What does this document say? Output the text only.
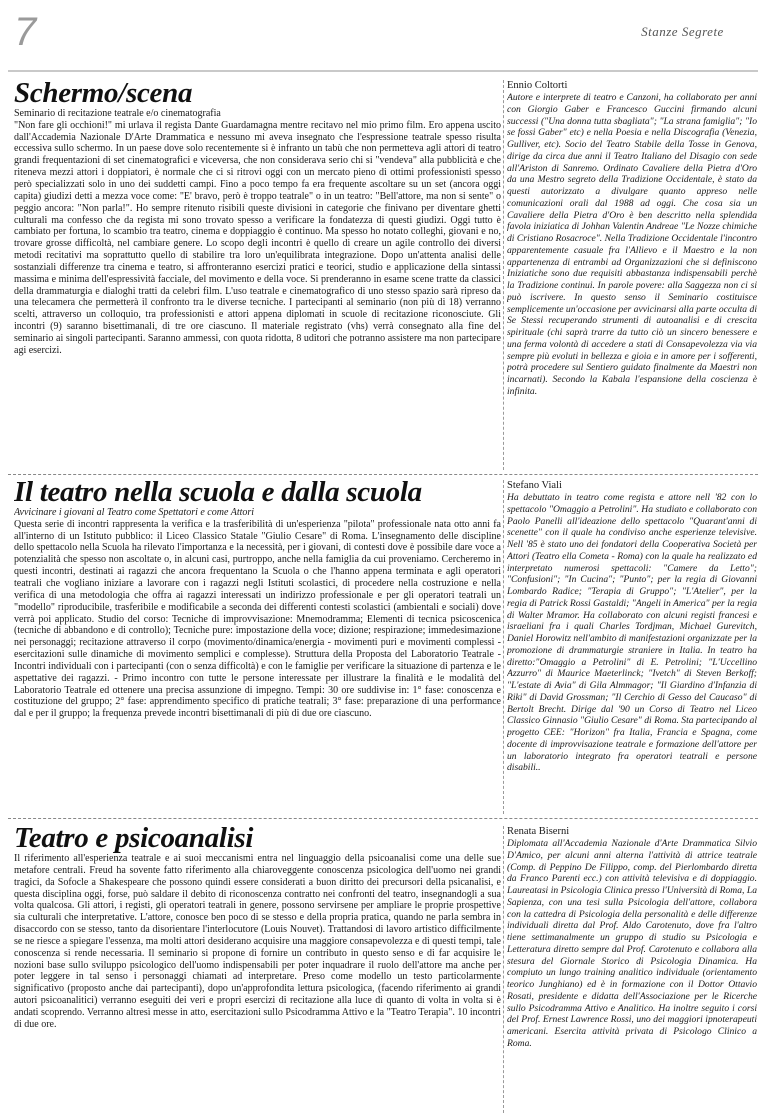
7	Stanze Segrete
Schermo/scena

Seminario di recitazione teatrale e/o cinematografia

"Non fare gli occhioni!" mi urlava il regista Dante Guardamagna mentre recitavo nel mio primo film. Ero appena uscito dall'Accademia Nazionale D'Arte Drammatica e nessuno mi aveva insegnato che l'espressione teatrale spesso risulta eccessiva sullo schermo. In un paese dove solo recentemente si è infranto un tabù che non permetteva agli attori di teatro grandi frequentazioni di set cinematografici e viceversa, che non considerava serio chi si "vendeva" alla pubblicità e che riteneva mezzi attori i doppiatori, è normale che ci si ritrovi oggi con un mercato pieno di ottimi professionisti spesso però specializzati solo in uno dei suddetti campi. Fino a poco tempo fa era frequente ascoltare su un set (ancora oggi capita) giudizi detti a mezza voce come: "E' bravo, però è troppo teatrale" o in un teatro: "Bell'attore, ma non si sente" o peggio ancora: "Non parla!". Ho sempre ritenuto risibili queste divisioni in categorie che finivano per diventare ghetti culturali ma confesso che da regista mi sono trovato spesso a verificare la fondatezza di questi giudizi. Oggi tutto è cambiato per fortuna, lo scambio tra teatro, cinema e doppiaggio è continuo. Ma spesso ho notato colleghi, giovani e no, trovare grosse difficoltà, nel cambiare genere. Lo scopo degli incontri è quello di creare un agile controllo dei diversi metodi recitativi ma soprattutto quello di stabilire tra loro un'equilibrata integrazione. Dopo un'attenta analisi delle sostanziali differenze tra cinema e teatro, si affronteranno esercizi pratici e teorici, studio e applicazione della sintassi massima e minima dell'espressività facciale, del movimento e della voce. Si prenderanno in esame scene tratte da classici della drammaturgia e dialoghi tratti da celebri film. L'uso teatrale e cinematografico di uno stesso spazio sarà ripreso da una telecamera che permetterà il confronto tra le diverse tecniche. I partecipanti al seminario (non più di 18) verranno scelti, attraverso un colloquio, tra professionisti e attori appena diplomati in scuole di recitazione riconosciute. Gli incontri (9) saranno bisettimanali, di tre ore ciascuno. Il materiale registrato (vhs) verrà consegnato alla fine del seminario ai singoli partecipanti. Saranno ammessi, con quota ridotta, 8 uditori che potranno assistere ma non partecipare agi esercizi.

Ennio Coltorti

Autore e interprete di teatro e Canzoni, ha collaborato per anni con Giorgio Gaber e Francesco Guccini firmando alcuni successi ("Una donna tutta sbagliata"; "La strana famiglia"; "Io se fossi Gaber" etc) e nella Poesia e nella Discografia (Venezia, Gulliver, etc). Socio del Teatro Stabile della Tosse in Genova, dirige da circa due anni il Teatro Italiano del Disagio con sede all'Ariston di Sanremo. Ordinato Cavaliere della Pietra d'Oro da una Mestro segreto della Tradizione Occidentale, è stato da questi autorizzato a divulgare quanto appreso nelle comunicazioni orali dal 1988 ad oggi. Che cosa sia un Cavaliere della Pietra d'Oro è ben descritto nella splendida favola iniziatica di Johhan Valentin Andreae "Le Nozze chimiche di Cristiano Rosacroce". Nella Tradizione Occidentale l'incontro apparentemente casuale fra l'Allievo e il Maestro e la non appartenenza di entrambi ad Organizzazioni che si definiscono Iniziatiche sono due requisiti abbastanza indispensabili perchè la Tradizione continui. In parole povere: alla Saggezza non ci si può iscrivere. In questo senso il Seminario costituisce semplicemente un'occasione per avvicinarsi alla parte occulta di Se Stessi recuperando strumenti di autoanalisi e di crescita spirituale (chi saprà trarre da tutto ciò un sincero benessere e una ferma volontà di accedere a stati di Consapevolezza via via sempre più evoluti in bellezza e gioia e in amore per i sofferenti, potrà procedere sul Sentiero guidato finalmente da Maestri non incarnati). Secondo la Kabala l'espansione della coscienza è infinita.

Il teatro nella scuola e dalla scuola

Avvicinare i giovani al Teatro come Spettatori e come Attori

Questa serie di incontri rappresenta la verifica e la trasferibilità di un'esperienza "pilota" professionale nata otto anni fa all'interno di un Istituto pubblico: il Liceo Classico Statale "Giulio Cesare" di Roma. L'insegnamento delle discipline dello spettacolo nella Scuola ha rilevato l'importanza e la necessità, per i giovani, di contesti dove è possibile dare voce a potenzialità che spesso non ascoltate o, in alcuni casi, purtroppo, anche nella famiglia da cui proveniamo. Cercheremo in questi incontri, destinati ai ragazzi che ancora frequentano la Scuola o che l'hanno appena terminata e agli operatori teatrali che vogliano iniziare a lavorare con i ragazzi negli Istituti scolastici, di procedere nella costruzione e nella verifica di una metodologia che offra ai ragazzi interessati un indirizzo professionale e per gli operatori teatrali un "modello" riproducibile, trasferibile e modificabile a seconda dei differenti contesti scolastici (ambientali e sociali) dove verrà poi applicato. Studio del corso: Tecniche di improvvisazione: Mnemodramma; Elementi di tecnica psicoscenica (tecniche di abbandono e di controllo); Tecniche pure: impostazione della voce; dizione; respirazione; immedesimazione nei personaggi; recitazione attraverso il corpo (movimento/dinamica/energia - movimenti puri e movimenti complessi - esercitazioni sulle dinamiche di movimento semplici e complesse). Struttura della Proposta del Laboratorio Teatrale - Incontri individuali con i partecipanti (con o senza difficoltà) e con le famiglie per verificare la situazione di partenza e le aspettative dei ragazzi. - Primo incontro con tutte le persone interessate per illustrare la finalità e le modalità del Laboratorio Teatrale ed ottenere una precisa assunzione di impegno. Tempi: 30 ore suddivise in: 1° fase: conoscenza e costituzione del gruppo; 2° fase: apprendimento specifico di pratiche teatrali; 3° fase: preparazione di una performance dal e per il gruppo; la frequenza prevede incontri bisettimanali di più di due ore ciascuno.

Stefano Viali

Ha debuttato in teatro come regista e attore nell '82 con lo spettacolo "Omaggio a Petrolini". Ha studiato e collaborato con Paolo Panelli all'ideazione dello spettacolo "Quarant'anni di scenette" con il quale ha condiviso anche esperienze televisive. Nell '85 è stato uno dei fondatori della Cooperativa Società per Attori (Teatro ella Cometa - Roma) con la quale ha realizzato ed interpretato numerosi spettacoli: "Camere da Letto"; "Confusioni"; "In Cucina"; "Punto"; per la regia di Giovanni Lombardo Radice; "Terapia di Gruppo"; "L'Atelier", per la regia di Patrick Rossi Gastaldi; "Angeli in America" per la regia di Walter Mramor. Ha collaborato con alcuni registi francesi e israeliani fra i quali Charles Tordjman, Michael Gurevitch, Daniel Horowitz nell'ambito di manifestazioni organizzate per la promozione di drammaturgie straniere in Italia. In teatro ha diretto:"Omaggio a Petrolini" di E. Petrolini; "L'Uccellino Azzurro" di Maurice Maeterlinck; "Ivetch" di Steven Berkoff; "L'estate di Avia" di Gila Almmagor; "Il Giardino d'Infanzia di Riki" di David Grossman; "Il Cerchio di Gesso del Caucaso" di Bertolt Brecht. Dirige dal '90 un Corso di Teatro nel Liceo Classico Ginnasio "Giulio Cesare" di Roma. Sta partecipando al progetto CEE: "Horizon" fra Italia, Francia e Spagna, come docente di improvvisazione teatrale e formazione dell'attore per un laboratorio integrato fra operatori teatrali e persone disabili..

Teatro e psicoanalisi

Il riferimento all'esperienza teatrale e ai suoi meccanismi entra nel linguaggio della psicoanalisi come una delle sue metafore centrali. Freud ha sovente fatto riferimento alla chiaroveggente conoscenza psicologica dell'uomo nei grandi tragici, da Sofocle a Shakespeare che possono quindi essere considerati a buon diritto dei precursori della psicanalisi, e questa disciplina oggi, forse, può saldare il debito di riconoscenza contratto nei confronti del teatro, insegnandogli a sua volta qualcosa. Gli attori, i registi, gli operatori teatrali in genere, possono servirsene per ampliare le proprie prospettive sia culturali che interpretative. L'attore, conosce ben poco di se stesso e della propria pratica, quando ne parla sembra in disaccordo con se stesso, tanto da disorientare l'interlocutore (Louis Nouvet). Trattandosi di lavoro artistico difficilmente se ne riesce a spiegare l'essenza, ma molti attori desiderano acquisire una maggiore consapevolezza e di questi tempi, tale conoscenza si rende necessaria. Il seminario si propone di fornire un contributo in questo senso e di far acquisire le nozioni base sullo sviluppo psicologico dell'uomo indispensabili per poter inquadrare il ruolo dell'attore ma anche per poter leggere in tal senso i personaggi chiamati ad interpretare. Preso come modello un testo particolarmente significativo (proposto anche dai partecipanti), dopo un'approfondita lettura psicologica, (facendo riferimento ai grandi autori psicoanalitici) verranno eseguiti dei veri e propri esercizi di recitazione alla luce di quanto di volta in volta si è andati scoprendo. Verranno altresì messe in atto, esercitazioni sullo Psicodramma Attivo e la "Teatro Terapia". 10 incontri di due ore.

Renata Biserni

Diplomata all'Accademia Nazionale d'Arte Drammatica Silvio D'Amico, per alcuni anni alterna l'attività di attrice teatrale (Comp. di Peppino De Filippo, comp. del Pierlombardo diretta da Franco Parenti ecc.) con attività televisiva e di doppiaggio. Laureatasi in Psicologia Clinica presso l'Università di Roma, La Sapienza, con una tesi sulla Psicologia dell'attore, collabora con la cattedra di Psicologia della personalità e delle differenze individuali diretta dal Prof. Aldo Carotenuto, dove fra l'altro tiene settimanalmente un gruppo di studio su Psicologia e Letteratura diretto sempre dal Prof. Carotenuto e collabora alla stesura del Giornale Storico di Psicologia Dinamica. Ha compiuto un lungo training analitico individuale (orientamento teorico Junghiano) ed è in formazione con il Dottor Ottavio Rosati, presidente e didatta dell'Associazione per le Ricerche sullo Psicodramma Attivo e Analitico. Ha inoltre seguito i corsi del Prof. Ernest Lawrence Rossi, uno dei maggiori ipnoterapeuti americani. Esercita attività privata di Psicologo Clinico a Roma.
